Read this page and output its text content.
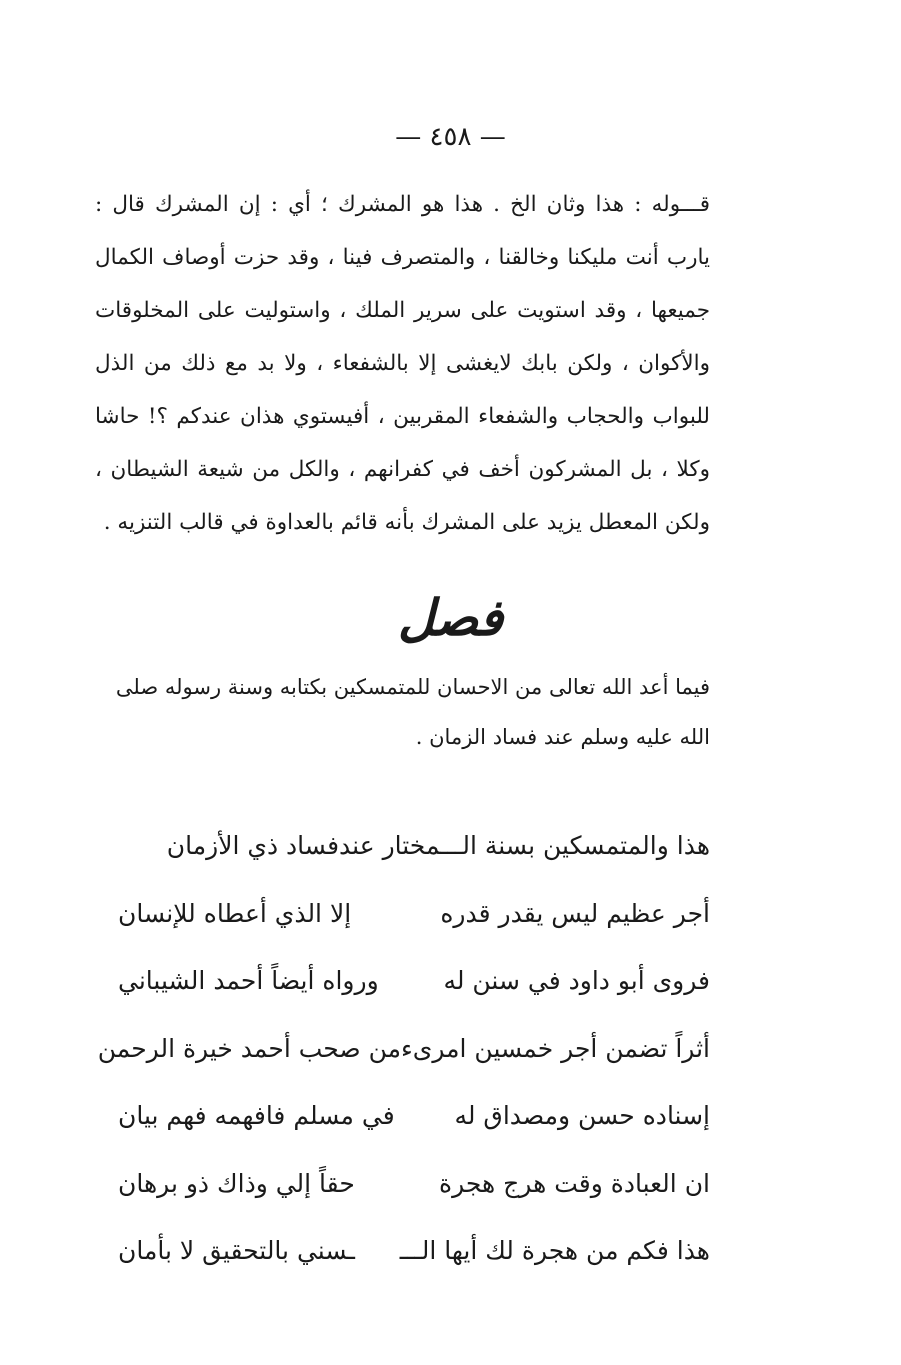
— ٤٥٨ —

قـــوله : هذا وثان الخ . هذا هو المشرك ؛ أي : إن المشرك قال : يارب أنت مليكنا وخالقنا ، والمتصرف فينا ، وقد حزت أوصاف الكمال جميعها ، وقد استويت على سرير الملك ، واستوليت على المخلوقات والأكوان ، ولكن بابك لايغشى إلا بالشفعاء ، ولا بد مع ذلك من الذل للبواب والحجاب والشفعاء المقربين ، أفيستوي هذان عندكم ؟! حاشا وكلا ، بل المشركون أخف في كفرانهم ، والكل من شيعة الشيطان ، ولكن المعطل يزيد على المشرك بأنه قائم بالعداوة في قالب التنزيه .

فصل

فيما أعد الله تعالى من الاحسان للمتمسكين بكتابه وسنة رسوله صلى الله عليه وسلم عند فساد الزمان .

هذا والمتمسكين بسنة الـــمختار عندفساد ذي الأزمان
أجر عظيم ليس يقدر قدره
إلا الذي أعطاه للإنسان
فروى أبو داود في سنن له
ورواه أيضاً أحمد الشيباني
أثراً تضمن أجر خمسين امرىء
من صحب أحمد خيرة الرحمن
إسناده حسن ومصداق له
في مسلم فافهمه فهم بيان
ان العبادة وقت هرج هجرة
حقاً إلي وذاك ذو برهان
هذا فكم من هجرة لك أيها الـــ
ـسني بالتحقيق لا بأمان
